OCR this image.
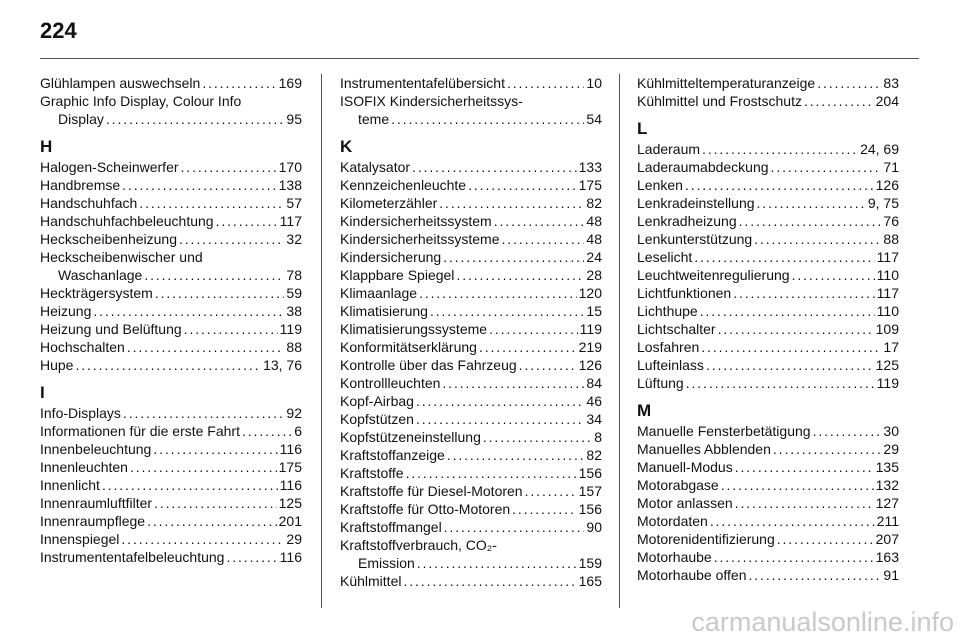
224
Glühlampen auswechseln . . .	169
Graphic Info Display, Colour Info
Display . . .	95
H
Halogen-Scheinwerfer . . .	170
Handbremse . . .	138
Handschuhfach . . .	57
Handschuhfachbeleuchtung . . .	117
Heckscheibenheizung . . .	32
Heckscheibenwischer und
Waschanlage . . .	78
Heckträgersystem . . .	59
Heizung . . .	38
Heizung und Belüftung . . .	119
Hochschalten . . .	88
Hupe . . .	13, 76
I
Info-Displays . . .	92
Informationen für die erste Fahrt . . .	6
Innenbeleuchtung . . .	116
Innenleuchten . . .	175
Innenlicht . . .	116
Innenraumluftfilter . . .	125
Innenraumpflege . . .	201
Innenspiegel . . .	29
Instrumententafelbeleuchtung . . .	116
Instrumententafelübersicht . . .	10
ISOFIX Kindersicherheitssys-
teme . . .	54
K
Katalysator . . .	133
Kennzeichenleuchte . . .	175
Kilometerzähler . . .	82
Kindersicherheitssystem . . .	48
Kindersicherheitssysteme . . .	48
Kindersicherung . . .	24
Klappbare Spiegel . . .	28
Klimaanlage . . .	120
Klimatisierung . . .	15
Klimatisierungssysteme . . .	119
Konformitätserklärung . . .	219
Kontrolle über das Fahrzeug . . .	126
Kontrollleuchten . . .	84
Kopf-Airbag . . .	46
Kopfstützen . . .	34
Kopfstützeneinstellung . . .	8
Kraftstoffanzeige . . .	82
Kraftstoffe . . .	156
Kraftstoffe für Diesel-Motoren . . .	157
Kraftstoffe für Otto-Motoren . . .	156
Kraftstoffmangel . . .	90
Kraftstoffverbrauch, CO₂-
Emission . . .	159
Kühlmittel . . .	165
Kühlmitteltemperaturanzeige . . .	83
Kühlmittel und Frostschutz . . .	204
L
Laderaum . . .	24, 69
Laderaumabdeckung . . .	71
Lenken . . .	126
Lenkradeinstellung . . .	9, 75
Lenkradheizung . . .	76
Lenkunterstützung . . .	88
Leselicht . . .	117
Leuchtweitenregulierung . . .	110
Lichtfunktionen . . .	117
Lichthupe . . .	110
Lichtschalter . . .	109
Losfahren . . .	17
Lufteinlass . . .	125
Lüftung . . .	119
M
Manuelle Fensterbetätigung . . .	30
Manuelles Abblenden . . .	29
Manuell-Modus . . .	135
Motorabgase . . .	132
Motor anlassen . . .	127
Motordaten . . .	211
Motorenidentifizierung . . .	207
Motorhaube . . .	163
Motorhaube offen . . .	91
carmanualsonline.info
